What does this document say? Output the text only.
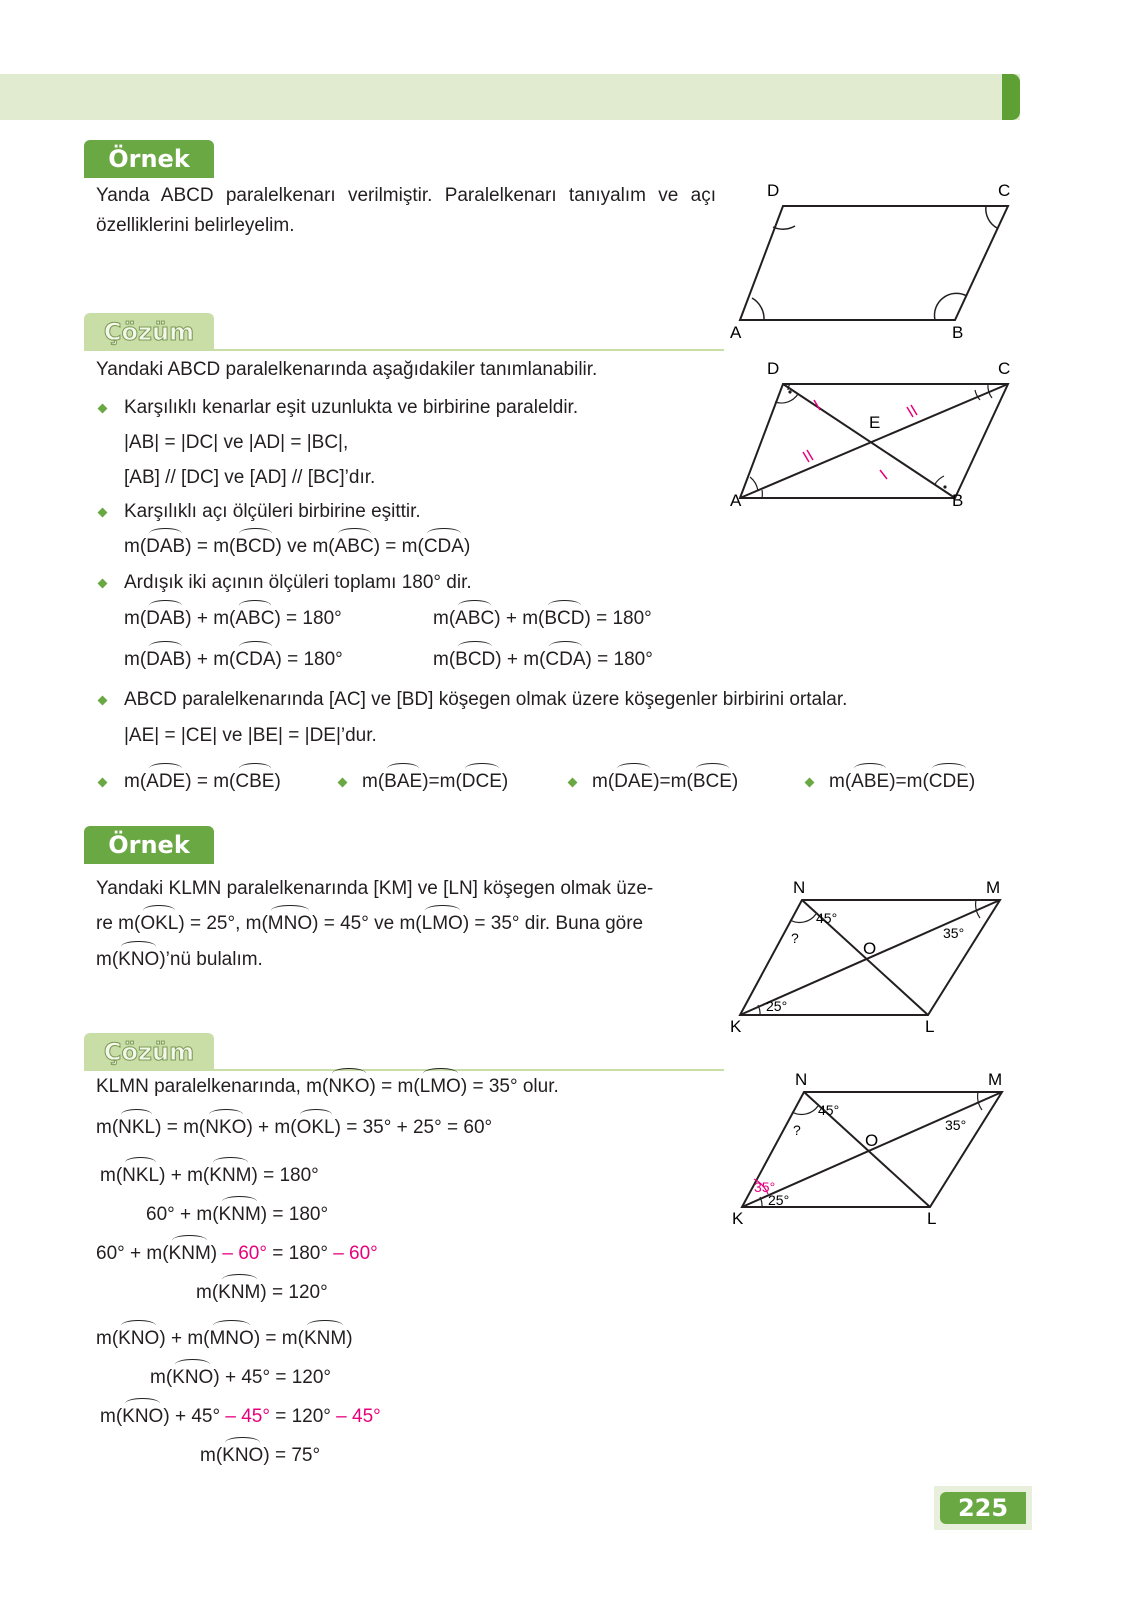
Örnek
Yanda ABCD paralelkenarı verilmiştir. Paralelkenarı tanıyalım ve açı özelliklerini belirleyelim.
D	C
A	B
Çözüm
Yandaki ABCD paralelkenarında aşağıdakiler tanımlanabilir.
Karşılıklı kenarlar eşit uzunlukta ve birbirine paraleldir.
|AB| = |DC| ve |AD| = |BC|,
[AB] // [DC] ve [AD] // [BC]’dır.
Karşılıklı açı ölçüleri birbirine eşittir.
m(DAB) = m(BCD) ve m(ABC) = m(CDA)
Ardışık iki açının ölçüleri toplamı 180° dir.
m(DAB) + m(ABC) = 180°	m(ABC) + m(BCD) = 180°
m(DAB) + m(CDA) = 180°	m(BCD) + m(CDA) = 180°
ABCD paralelkenarında [AC] ve [BD] köşegen olmak üzere köşegenler birbirini ortalar.
|AE| = |CE| ve |BE| = |DE|’dur.
m(ADE) = m(CBE)	m(BAE)=m(DCE)	m(DAE)=m(BCE)	m(ABE)=m(CDE)
D	C
A	B
E
Örnek
Yandaki KLMN paralelkenarında [KM] ve [LN] köşegen olmak üze-
re m(OKL) = 25°, m(MNO) = 45° ve m(LMO) = 35° dir. Buna göre
m(KNO)’nü bulalım.
N	M
K	L
O
?
45°
35°
25°
Çözüm
KLMN paralelkenarında, m(NKO) = m(LMO) = 35° olur.
m(NKL) = m(NKO) + m(OKL) = 35° + 25° = 60°
m(NKL) + m(KNM) = 180°
60° + m(KNM) = 180°
60° + m(KNM) – 60° = 180° – 60°
m(KNM) = 120°
m(KNO) + m(MNO) = m(KNM)
m(KNO) + 45° = 120°
m(KNO) + 45° – 45° = 120° – 45°
m(KNO) = 75°
N	M
K	L
O
?
45°
35°
25°
35°
225
